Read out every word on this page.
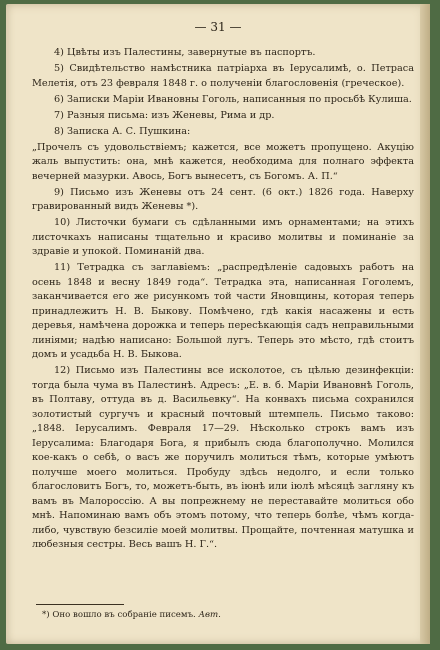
— 31 —

4) Цвѣты изъ Палестины, завернутые въ паспортъ.

5) Свидѣтельство намѣстника патріарха въ Іерусалимѣ, о. Петраса Мелетія, отъ 23 февраля 1848 г. о полученіи благословенія (греческое).

6) Записки Маріи Ивановны Гоголь, написанныя по просьбѣ Кулиша.

7) Разныя письма: изъ Женевы, Рима и др.

8) Записка А. С. Пушкина:

„Прочелъ съ удовольствіемъ; кажется, все можетъ пропущено. Акуцію жаль выпустить: она, мнѣ кажется, необходима для полнаго эффекта вечерней мазурки. Авось, Богъ вынесетъ, съ Богомъ. А. П.“

9) Письмо изъ Женевы отъ 24 сент. (6 окт.) 1826 года. Наверху гравированный видъ Женевы *).

10) Листочки бумаги съ сдѣланными имъ орнаментами; на этихъ листочкахъ написаны тщательно и красиво молитвы и поминаніе за здравіе и упокой. Поминаній два.

11) Тетрадка съ заглавіемъ: „распредѣленіе садовыхъ работъ на осень 1848 и весну 1849 года“. Тетрадка эта, написанная Гоголемъ, заканчивается его же рисункомъ той части Яновщины, которая теперь принадлежитъ Н. В. Быкову. Помѣчено, гдѣ какія насажены и есть деревья, намѣчена дорожка и теперь пересѣкающія садъ неправильными линіями; надѣю написано: Большой лугъ. Теперь это мѣсто, гдѣ стоитъ домъ и усадьба Н. В. Быкова.

12) Письмо изъ Палестины все исколотое, съ цѣлью дезинфекціи: тогда была чума въ Палестинѣ. Адресъ: „Е. в. б. Маріи Ивановнѣ Гоголь, въ Полтаву, оттуда въ д. Васильевку“. На конвахъ письма сохранился золотистый сургучъ и красный почтовый штемпель. Письмо таково: „1848. Іерусалимъ. Февраля 17—29. Нѣсколько строкъ вамъ изъ Іерусалима: Благодаря Бога, я прибылъ сюда благополучно. Молился кое-какъ о себѣ, о васъ же поручилъ молиться тѣмъ, которые умѣютъ получше моего молиться. Пробуду здѣсь недолго, и если только благословитъ Богъ, то, можетъ-быть, въ іюнѣ или іюлѣ мѣсяцѣ загляну къ вамъ въ Малороссію. А вы попрежнему не переставайте молиться обо мнѣ. Напоминаю вамъ объ этомъ потому, что теперь болѣе, чѣмъ когда-либо, чувствую безсиліе моей молитвы. Прощайте, почтенная матушка и любезныя сестры. Весь вашъ Н. Г.“.

*) Оно вошло въ собраніе писемъ. Авт.
